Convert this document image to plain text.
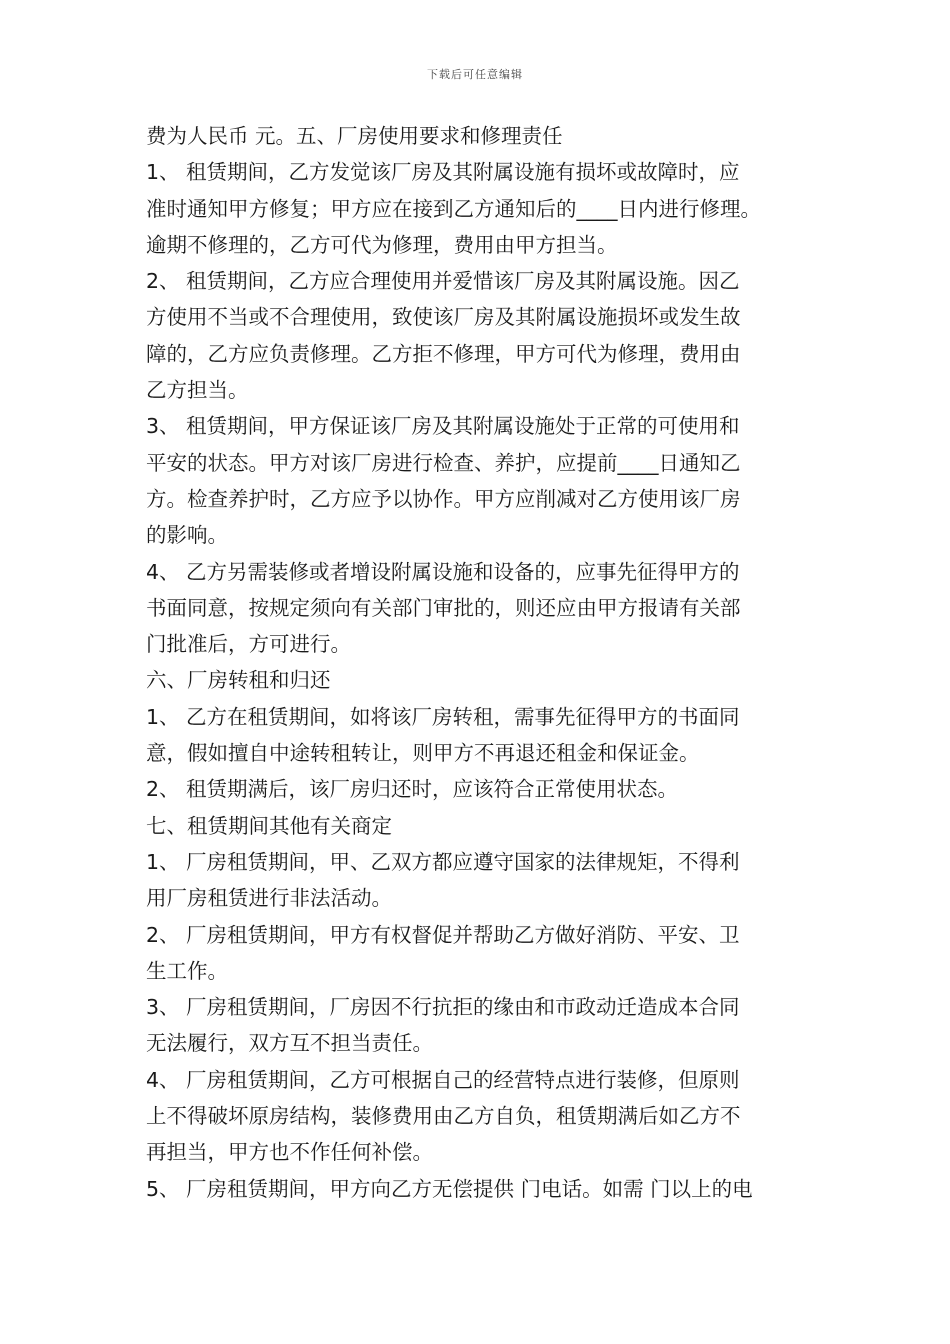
下载后可任意编辑
费为人民币 元。五、厂房使用要求和修理责任
1、 租赁期间，乙方发觉该厂房及其附属设施有损坏或故障时，应
准时通知甲方修复；甲方应在接到乙方通知后的____日内进行修理。
逾期不修理的，乙方可代为修理，费用由甲方担当。
2、 租赁期间，乙方应合理使用并爱惜该厂房及其附属设施。因乙
方使用不当或不合理使用，致使该厂房及其附属设施损坏或发生故
障的，乙方应负责修理。乙方拒不修理，甲方可代为修理，费用由
乙方担当。
3、 租赁期间，甲方保证该厂房及其附属设施处于正常的可使用和
平安的状态。甲方对该厂房进行检查、养护，应提前____日通知乙
方。检查养护时，乙方应予以协作。甲方应削减对乙方使用该厂房
的影响。
4、 乙方另需装修或者增设附属设施和设备的，应事先征得甲方的
书面同意，按规定须向有关部门审批的，则还应由甲方报请有关部
门批准后，方可进行。
六、厂房转租和归还
1、 乙方在租赁期间，如将该厂房转租，需事先征得甲方的书面同
意，假如擅自中途转租转让，则甲方不再退还租金和保证金。
2、 租赁期满后，该厂房归还时，应该符合正常使用状态。
七、租赁期间其他有关商定
1、 厂房租赁期间，甲、乙双方都应遵守国家的法律规矩，不得利
用厂房租赁进行非法活动。
2、 厂房租赁期间，甲方有权督促并帮助乙方做好消防、平安、卫
生工作。
3、 厂房租赁期间，厂房因不行抗拒的缘由和市政动迁造成本合同
无法履行，双方互不担当责任。
4、 厂房租赁期间，乙方可根据自己的经营特点进行装修，但原则
上不得破坏原房结构，装修费用由乙方自负，租赁期满后如乙方不
再担当，甲方也不作任何补偿。
5、 厂房租赁期间，甲方向乙方无偿提供 门电话。如需 门以上的电
